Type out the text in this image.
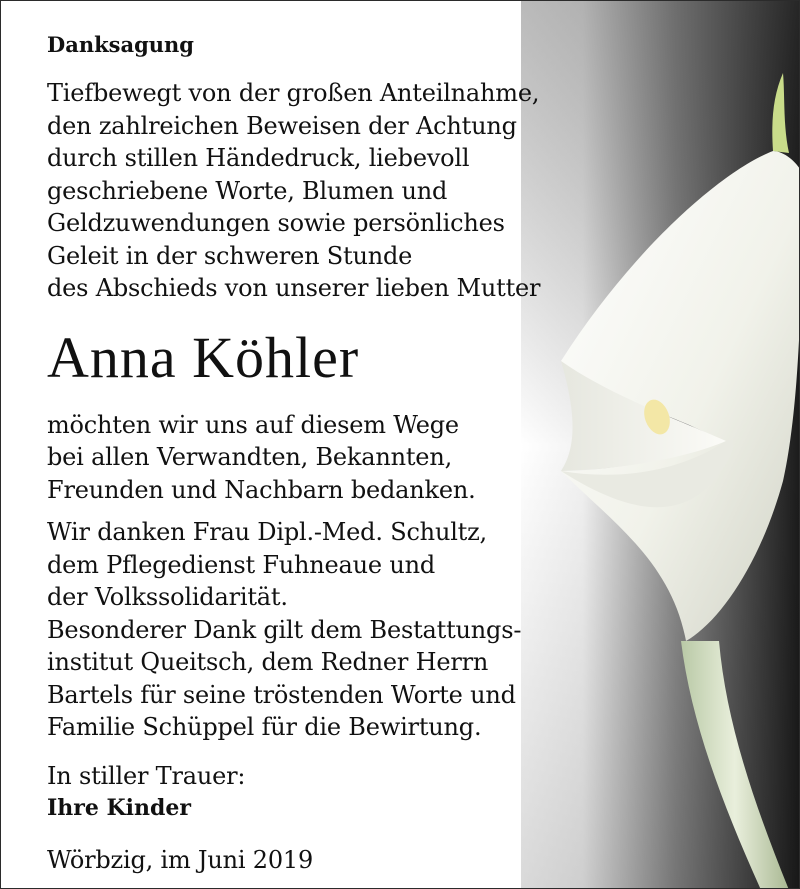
Danksagung
Tiefbewegt von der großen Anteilnahme,
den zahlreichen Beweisen der Achtung
durch stillen Händedruck, liebevoll
geschriebene Worte, Blumen und
Geldzuwendungen sowie persönliches
Geleit in der schweren Stunde
des Abschieds von unserer lieben Mutter
Anna Köhler
möchten wir uns auf diesem Wege
bei allen Verwandten, Bekannten,
Freunden und Nachbarn bedanken.
Wir danken Frau Dipl.-Med. Schultz,
dem Pflegedienst Fuhneaue und
der Volkssolidarität.
Besonderer Dank gilt dem Bestattungs-
institut Queitsch, dem Redner Herrn
Bartels für seine tröstenden Worte und
Familie Schüppel für die Bewirtung.
In stiller Trauer:
Ihre Kinder
Wörbzig, im Juni 2019
